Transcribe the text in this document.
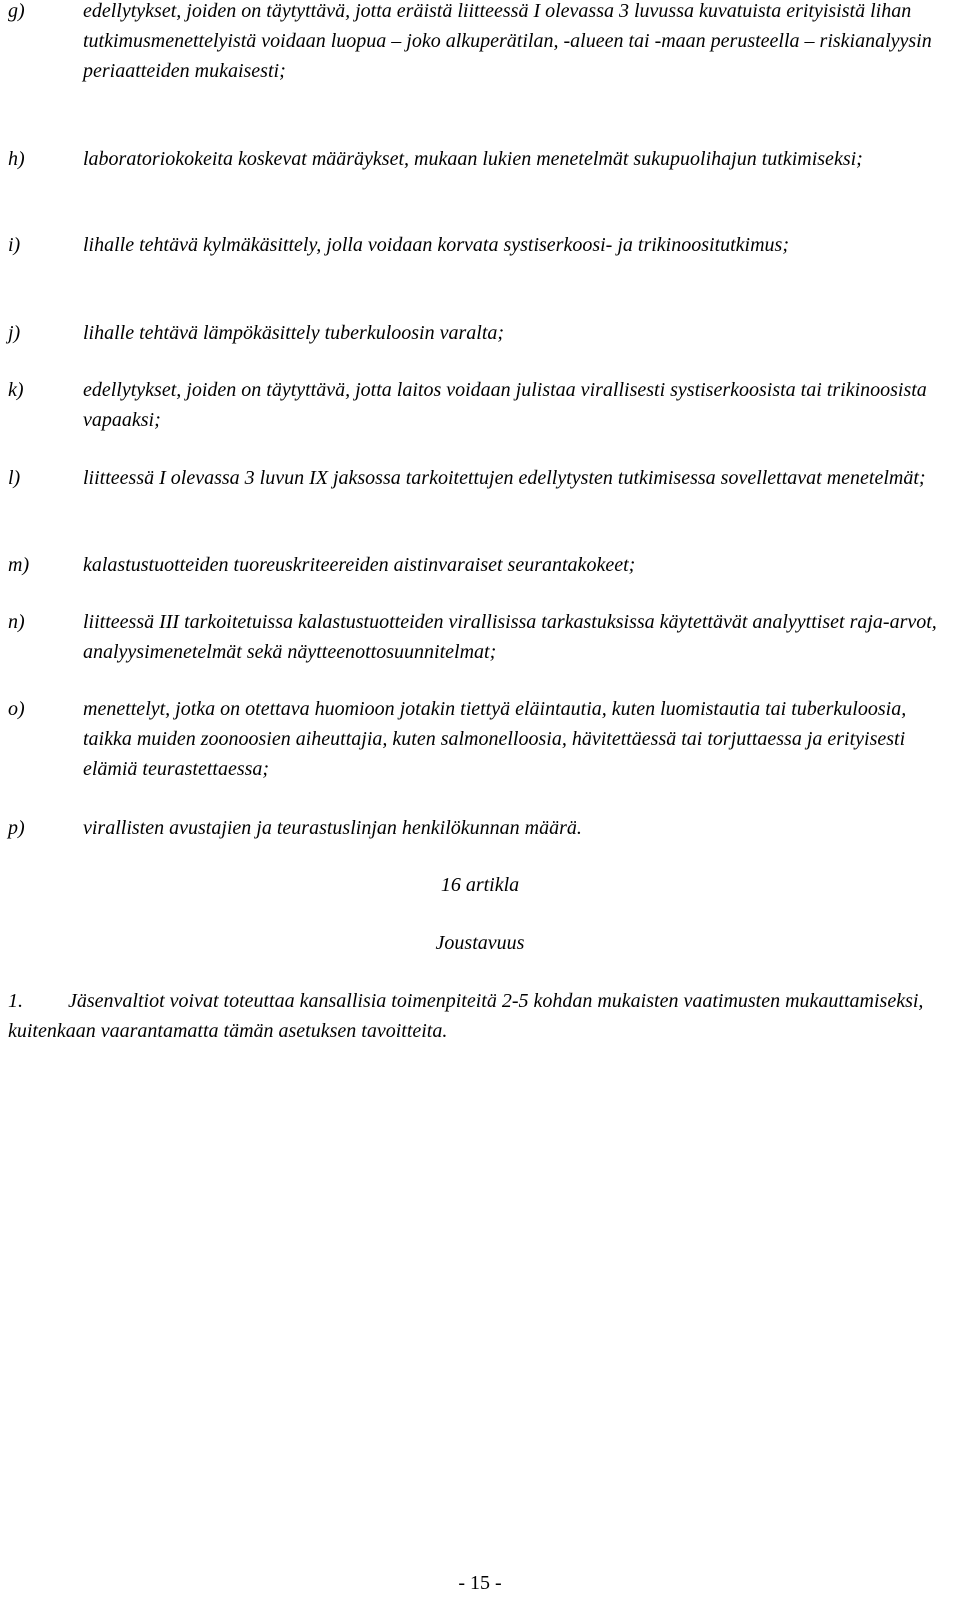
g)	edellytykset, joiden on täytyttävä, jotta eräistä liitteessä I olevassa 3 luvussa kuvatuista erityisistä lihan tutkimusmenettelyistä voidaan luopua – joko alkuperätilan, -alueen tai -maan perusteella – riskianalyysin periaatteiden mukaisesti;
h)	laboratoriokokeita koskevat määräykset, mukaan lukien menetelmät sukupuolihajun tutkimiseksi;
i)	lihalle tehtävä kylmäkäsittely, jolla voidaan korvata systiserkoosi- ja trikinoositutkimus;
j)	lihalle tehtävä lämpökäsittely tuberkuloosin varalta;
k)	edellytykset, joiden on täytyttävä, jotta laitos voidaan julistaa virallisesti systiserkoosista tai trikinoosista vapaaksi;
l)	liitteessä I olevassa 3 luvun IX jaksossa tarkoitettujen edellytysten tutkimisessa sovellettavat menetelmät;
m)	kalastustuotteiden tuoreuskriteereiden aistinvaraiset seurantakokeet;
n)	liitteessä III tarkoitetuissa kalastustuotteiden virallisissa tarkastuksissa käytettävät analyyttiset raja-arvot, analyysimenetelmät sekä näytteenottosuunnitelmat;
o)	menettelyt, jotka on otettava huomioon jotakin tiettyä eläintautia, kuten luomistautia tai tuberkuloosia, taikka muiden zoonoosien aiheuttajia, kuten salmonelloosia, hävitettäessä tai torjuttaessa ja erityisesti elämiä teurastettaessa;
p)	virallisten avustajien ja teurastuslinjan henkilökunnan määrä.
16 artikla
Joustavuus
1. Jäsenvaltiot voivat toteuttaa kansallisia toimenpiteitä 2-5 kohdan mukaisten vaatimusten mukauttamiseksi, kuitenkaan vaarantamatta tämän asetuksen tavoitteita.
- 15 -
